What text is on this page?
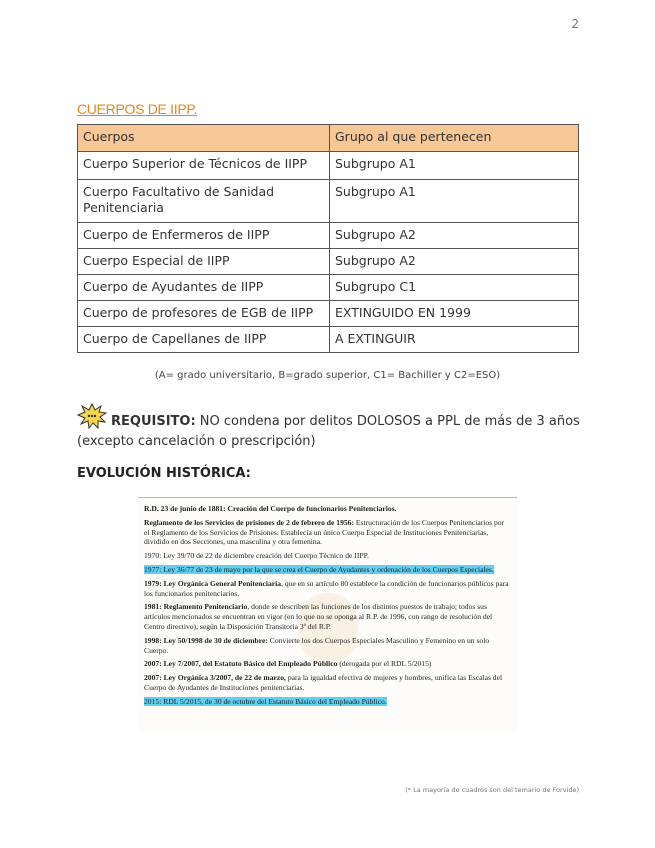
2
CUERPOS DE IIPP.
Cuerpos	Grupo al que pertenecen
Cuerpo Superior de Técnicos de IIPP	Subgrupo A1
Cuerpo Facultativo de Sanidad Penitenciaria	Subgrupo A1
Cuerpo de Enfermeros de IIPP	Subgrupo A2
Cuerpo Especial de IIPP	Subgrupo A2
Cuerpo de Ayudantes de IIPP	Subgrupo C1
Cuerpo de profesores de EGB de IIPP	EXTINGUIDO EN 1999
Cuerpo de Capellanes de IIPP	A EXTINGUIR
(A= grado universitario, B=grado superior, C1= Bachiller y C2=ESO)
REQUISITO: NO condena por delitos DOLOSOS a PPL de más de 3 años (excepto cancelación o prescripción)
EVOLUCIÓN HISTÓRICA:

R.D. 23 de junio de 1881: Creación del Cuerpo de funcionarios Penitenciarios.

Reglamento de los Servicios de prisiones de 2 de febrero de 1956: Estructuración de los Cuerpos Penitenciarios por el Reglamento de los Servicios de Prisiones. Establecía un único Cuerpo Especial de Instituciones Penitenciarias, dividido en dos Secciones, una masculina y otra femenina.

1970: Ley 39/70 de 22 de diciembre creación del Cuerpo Técnico de IIPP.

1977: Ley 36/77 de 23 de mayo por la que se crea el Cuerpo de Ayudantes y ordenación de los Cuerpos Especiales.

1979: Ley Orgánica General Penitenciaria, que en su artículo 80 establece la condición de funcionarios públicos para los funcionarios penitenciarios.

1981: Reglamento Penitenciario, donde se describen las funciones de los distintos puestos de trabajo; todos sus artículos mencionados se encuentran en vigor (en lo que no se oponga al R.P. de 1996, con rango de resolución del Centro directivo), según la Disposición Transitoria 3ª del R.P.

1998: Ley 50/1998 de 30 de diciembre: Convierte los dos Cuerpos Especiales Masculino y Femenino en un solo Cuerpo.

2007: Ley 7/2007, del Estatuto Básico del Empleado Público (derogada por el RDL 5/2015)

2007: Ley Orgánica 3/2007, de 22 de marzo, para la igualdad efectiva de mujeres y hombres, unifica las Escalas del Cuerpo de Ayudantes de Instituciones penitenciarias.

2015: RDL 5/2015, de 30 de octubre del Estatuto Básico del Empleado Público.

(* La mayoría de cuadros son del temario de Forvide)
